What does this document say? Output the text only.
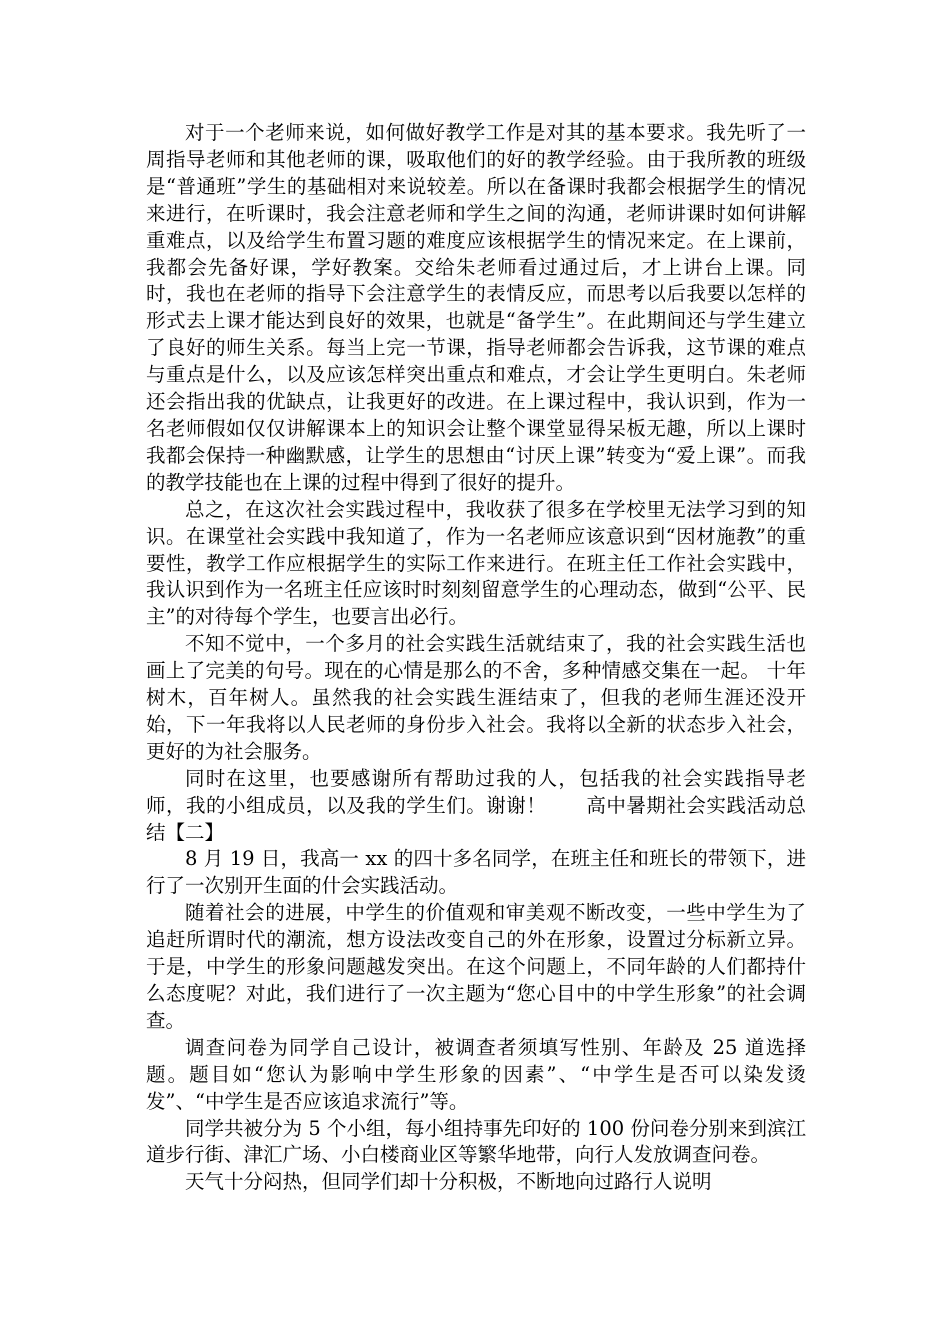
对于一个老师来说，如何做好教学工作是对其的基本要求。我先听了一周指导老师和其他老师的课，吸取他们的好的教学经验。由于我所教的班级是“普通班”学生的基础相对来说较差。所以在备课时我都会根据学生的情况来进行，在听课时，我会注意老师和学生之间的沟通，老师讲课时如何讲解重难点，以及给学生布置习题的难度应该根据学生的情况来定。在上课前，我都会先备好课，学好教案。交给朱老师看过通过后，才上讲台上课。同时，我也在老师的指导下会注意学生的表情反应，而思考以后我要以怎样的形式去上课才能达到良好的效果，也就是“备学生”。在此期间还与学生建立了良好的师生关系。每当上完一节课，指导老师都会告诉我，这节课的难点与重点是什么，以及应该怎样突出重点和难点，才会让学生更明白。朱老师还会指出我的优缺点，让我更好的改进。在上课过程中，我认识到，作为一名老师假如仅仅讲解课本上的知识会让整个课堂显得呆板无趣，所以上课时我都会保持一种幽默感，让学生的思想由“讨厌上课”转变为“爱上课”。而我的教学技能也在上课的过程中得到了很好的提升。

总之，在这次社会实践过程中，我收获了很多在学校里无法学习到的知识。在课堂社会实践中我知道了，作为一名老师应该意识到“因材施教”的重要性，教学工作应根据学生的实际工作来进行。在班主任工作社会实践中，我认识到作为一名班主任应该时时刻刻留意学生的心理动态，做到“公平、民主”的对待每个学生，也要言出必行。

不知不觉中，一个多月的社会实践生活就结束了，我的社会实践生活也画上了完美的句号。现在的心情是那么的不舍，多种情感交集在一起。 十年树木，百年树人。虽然我的社会实践生涯结束了，但我的老师生涯还没开始，下一年我将以人民老师的身份步入社会。我将以全新的状态步入社会，更好的为社会服务。

同时在这里，也要感谢所有帮助过我的人，包括我的社会实践指导老师，我的小组成员，以及我的学生们。谢谢！　　高中暑期社会实践活动总结【二】

8 月 19 日，我高一 xx 的四十多名同学，在班主任和班长的带领下，进行了一次别开生面的什会实践活动。

随着社会的进展，中学生的价值观和审美观不断改变，一些中学生为了追赶所谓时代的潮流，想方设法改变自己的外在形象，设置过分标新立异。于是，中学生的形象问题越发突出。在这个问题上，不同年龄的人们都持什么态度呢？对此，我们进行了一次主题为“您心目中的中学生形象”的社会调查。

调查问卷为同学自己设计，被调查者须填写性别、年龄及 25 道选择题。题目如“您认为影响中学生形象的因素”、“中学生是否可以染发烫发”、“中学生是否应该追求流行”等。

同学共被分为 5 个小组，每小组持事先印好的 100 份问卷分别来到滨江道步行街、津汇广场、小白楼商业区等繁华地带，向行人发放调查问卷。

天气十分闷热，但同学们却十分积极，不断地向过路行人说明
